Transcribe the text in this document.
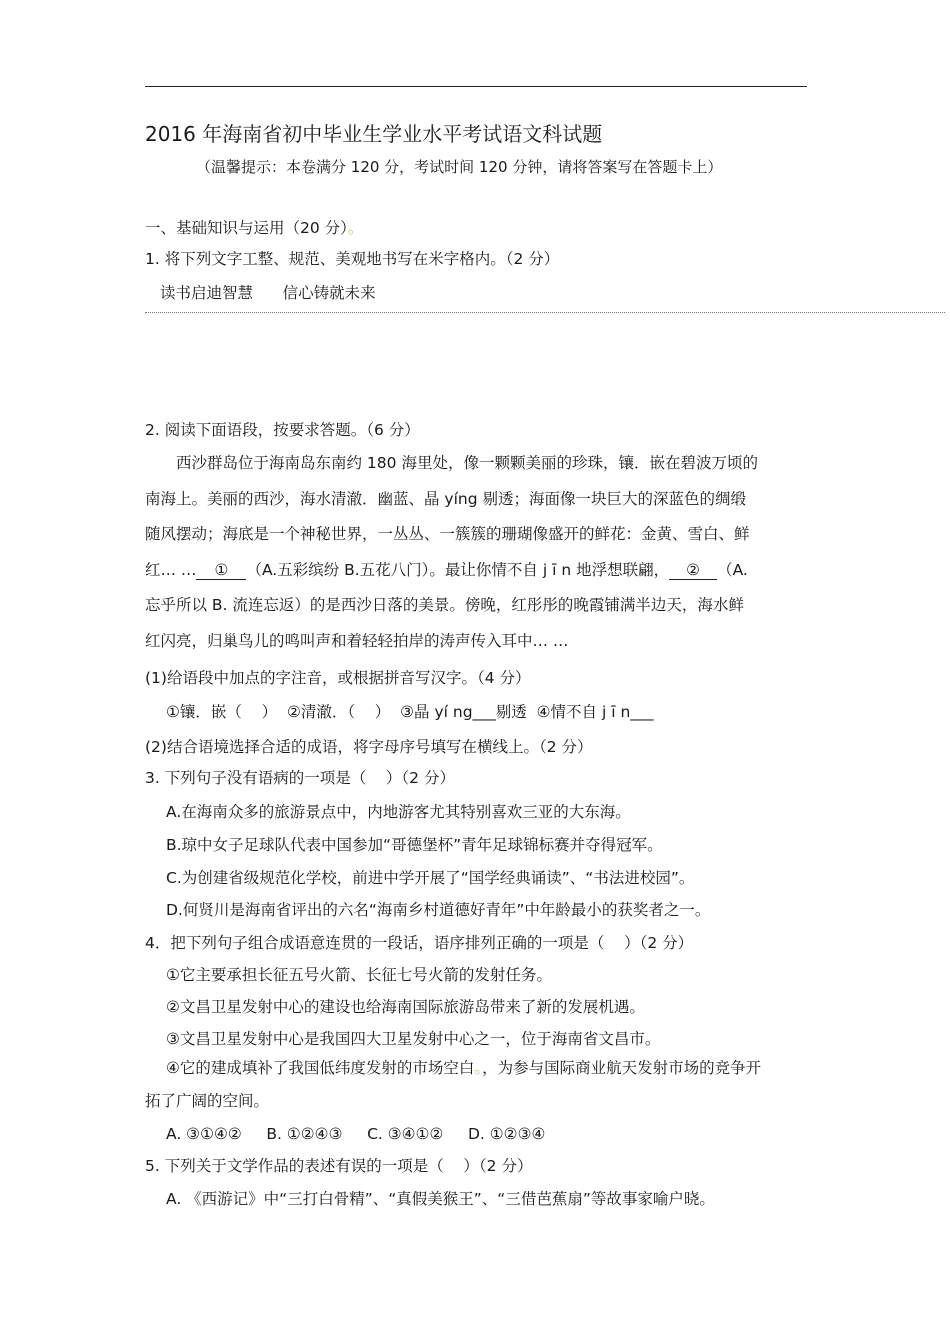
2016 年海南省初中毕业生学业水平考试语文科试题
（温馨提示：本卷满分 120 分，考试时间 120 分钟，请将答案写在答题卡上）
一、基础知识与运用（20 分）。
1. 将下列文字工整、规范、美观地书写在米字格内。（2 分）
读书启迪智慧      信心铸就未来
2. 阅读下面语段，按要求答题。（6 分）
西沙群岛位于海南岛东南约 180 海里处，像一颗颗美丽的珍珠，镶．嵌在碧波万顷的
南海上。美丽的西沙，海水清澈．幽蓝、晶 yíng 剔透；海面像一块巨大的深蓝色的绸缎
随风摆动；海底是一个神秘世界，一丛丛、一簇簇的珊瑚像盛开的鲜花：金黄、雪白、鲜
红… … ① （A.五彩缤纷 B.五花八门）。最让你情不自 j ī n 地浮想联翩， ② （A.
忘乎所以 B. 流连忘返）的是西沙日落的美景。傍晚，红彤彤的晚霞铺满半边天，海水鲜
红闪亮，归巢鸟儿的鸣叫声和着轻轻拍岸的涛声传入耳中… …
(1)给语段中加点的字注音，或根据拼音写汉字。（4 分）
①镶．嵌（    ）  ②清澈．（    ）  ③晶 yí ng___剔透  ④情不自 j ī n___
(2)结合语境选择合适的成语，将字母序号填写在横线上。（2 分）
3. 下列句子没有语病的一项是（    ）（2 分）
A.在海南众多的旅游景点中，内地游客尤其特别喜欢三亚的大东海。
B.琼中女子足球队代表中国参加“哥德堡杯”青年足球锦标赛并夺得冠军。
C.为创建省级规范化学校，前进中学开展了“国学经典诵读”、“书法进校园”。
D.何贤川是海南省评出的六名“海南乡村道德好青年”中年龄最小的获奖者之一。
4．把下列句子组合成语意连贯的一段话，语序排列正确的一项是（    ）（2 分）
①它主要承担长征五号火箭、长征七号火箭的发射任务。
②文昌卫星发射中心的建设也给海南国际旅游岛带来了新的发展机遇。
③文昌卫星发射中心是我国四大卫星发射中心之一，位于海南省文昌市。
④它的建成填补了我国低纬度发射的市场空白。，为参与国际商业航天发射市场的竞争开
拓了广阔的空间。
A. ③①④②     B. ①②④③     C. ③④①②     D. ①②③④
5. 下列关于文学作品的表述有误的一项是（    ）（2 分）
A. 《西游记》中“三打白骨精”、“真假美猴王”、“三借芭蕉扇”等故事家喻户晓。
